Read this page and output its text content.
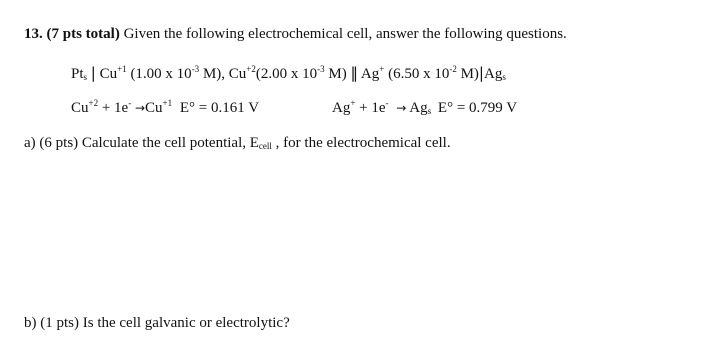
13. (7 pts total) Given the following electrochemical cell, answer the following questions.
$Pt_s$ | $Cu^{+1}$ (1.00 x $10^{-3}$ M), $Cu^{+2}(2.00$ x $10^{-3}$ M) ‖ Ag+ (6.50 x $10^{-2}$ $M)|Ag_s$
$Cu^{+2} + 1e^- \to Cu^{+1}$ E° = 0.161 V	$Ag^+ + 1e^- \to Ag_s$ E° = 0.799 V
a) (6 pts) Calculate the cell potential, $E_{cell}$ , for the electrochemical cell.
b) (1 pts) Is the cell galvanic or electrolytic?
